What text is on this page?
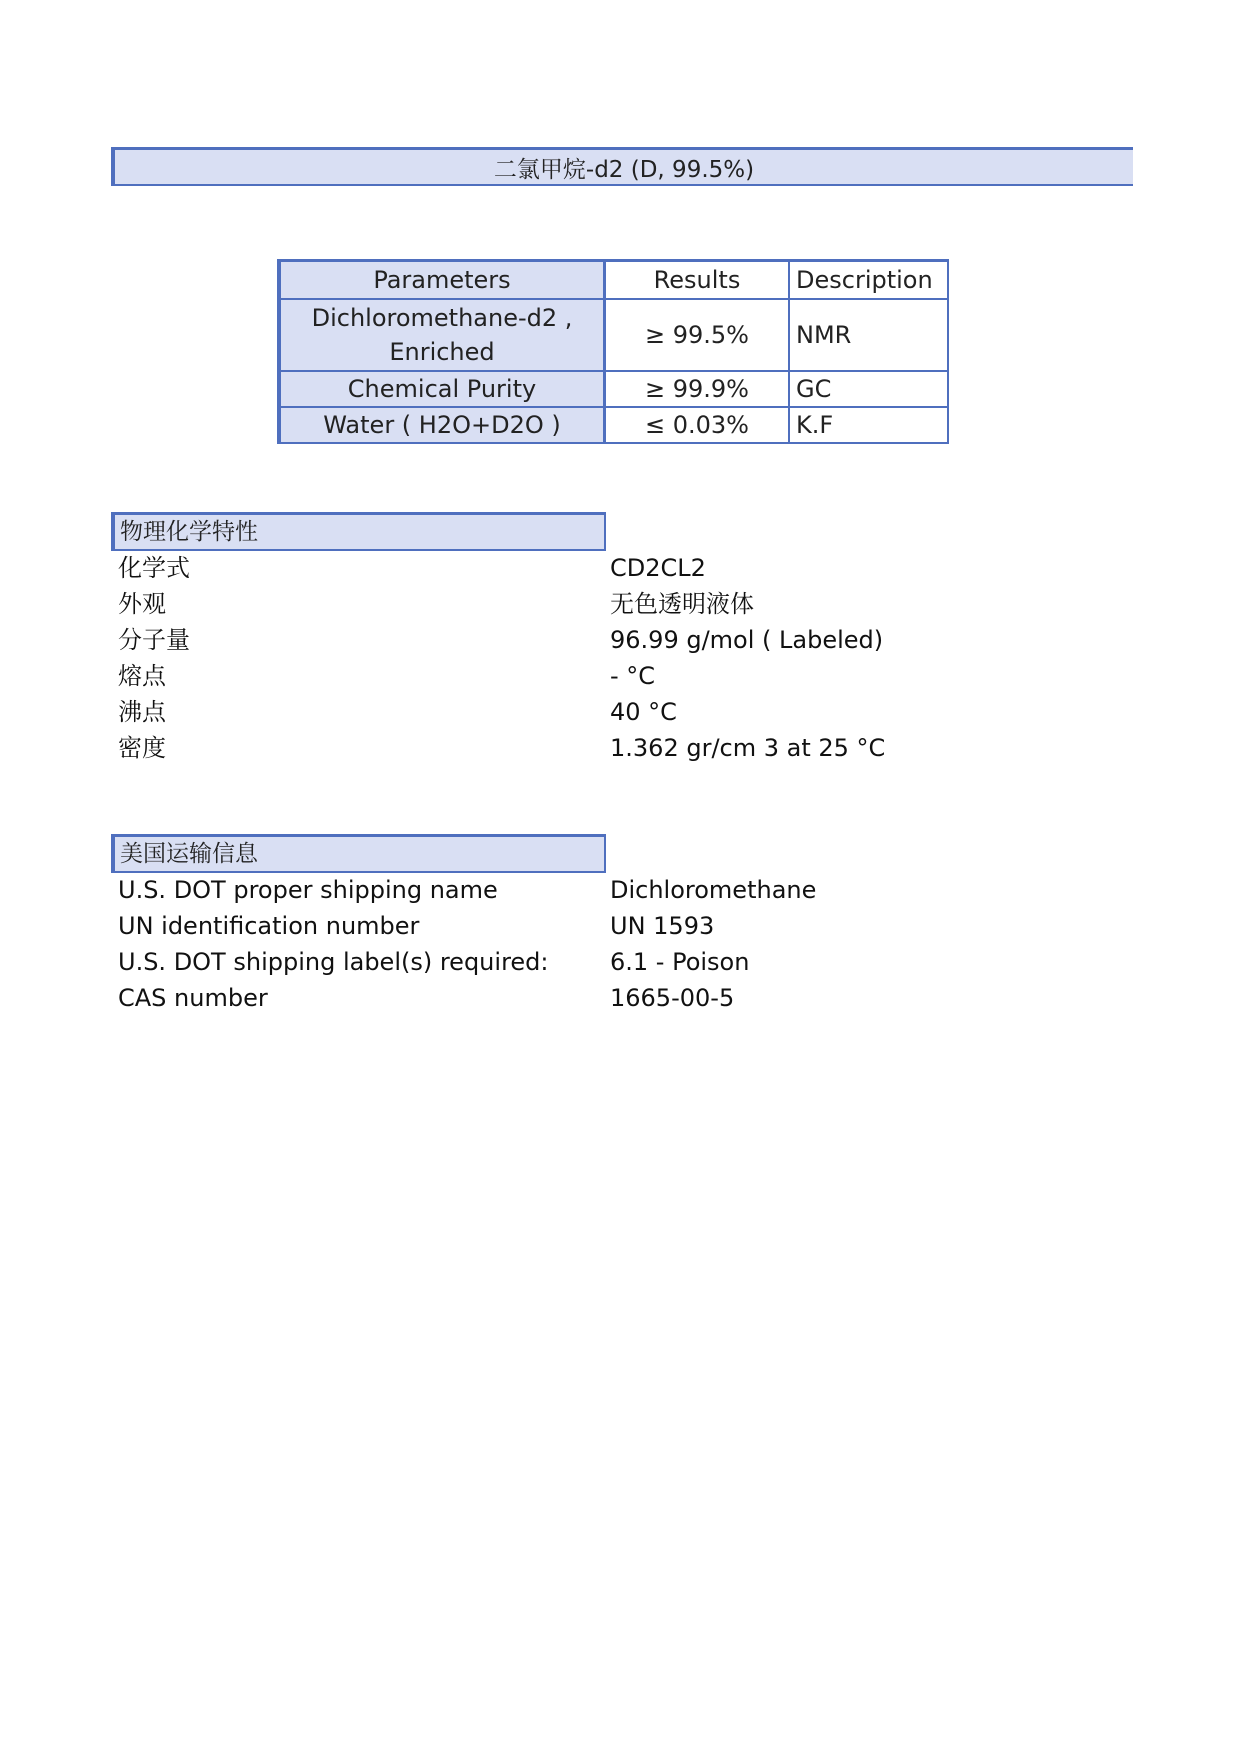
二氯甲烷-d2 (D, 99.5%)
Parameters	Results	Description

Dichloromethane-d2 ,
Enriched	≥ 99.5%	NMR
Chemical Purity	≥ 99.9%	GC
Water ( H2O+D2O )	≤ 0.03%	K.F
物理化学特性
化学式	CD2CL2
外观	无色透明液体
分子量	96.99 g/mol ( Labeled)
熔点	- °C
沸点	40 °C
密度	1.362 gr/cm 3 at 25 °C
美国运输信息
U.S. DOT proper shipping name	Dichloromethane
UN identification number	UN 1593
U.S. DOT shipping label(s) required:	6.1 - Poison
CAS number	1665-00-5
